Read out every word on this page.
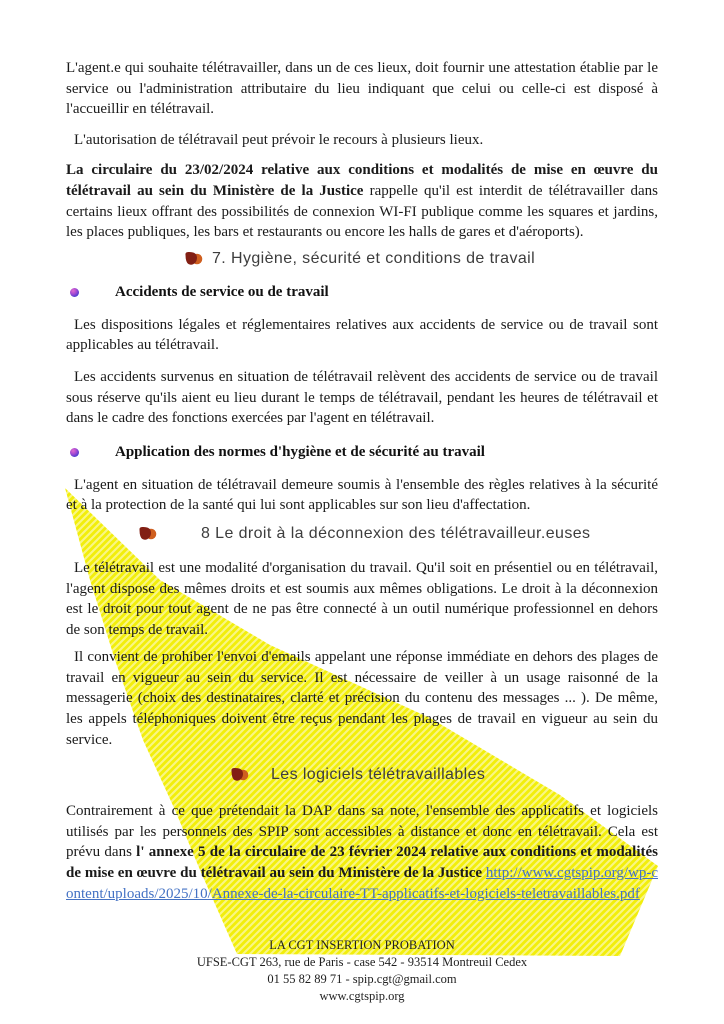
L'agent.e qui souhaite télétravailler, dans un de ces lieux, doit fournir une attestation établie par le service ou l'administration attributaire du lieu indiquant que celui ou celle-ci est disposé à l'accueillir en télétravail.

L'autorisation de télétravail peut prévoir le recours à plusieurs lieux.

La circulaire du 23/02/2024 relative aux conditions et modalités de mise en œuvre du télétravail au sein du Ministère de la Justice rappelle qu'il est interdit de télétravailler dans certains lieux offrant des possibilités de connexion WI-FI publique comme les squares et jardins, les places publiques, les bars et restaurants ou encore les halls de gares et d'aéroports).

7. Hygiène, sécurité et conditions de travail
Accidents de service ou de travail

Les dispositions légales et réglementaires relatives aux accidents de service ou de travail sont applicables au télétravail.

Les accidents survenus en situation de télétravail relèvent des accidents de service ou de travail sous réserve qu'ils aient eu lieu durant le temps de télétravail, pendant les heures de télétravail et dans le cadre des fonctions exercées par l'agent en télétravail.

Application des normes d'hygiène et de sécurité au travail

L'agent en situation de télétravail demeure soumis à l'ensemble des règles relatives à la sécurité et à la protection de la santé qui lui sont applicables sur son lieu d'affectation.

8 Le droit à la déconnexion des télétravailleur.euses

Le télétravail est une modalité d'organisation du travail. Qu'il soit en présentiel ou en télétravail, l'agent dispose des mêmes droits et est soumis aux mêmes obligations. Le droit à la déconnexion est le droit pour tout agent de ne pas être connecté à un outil numérique professionnel en dehors de son temps de travail.

Il convient de prohiber l'envoi d'emails appelant une réponse immédiate en dehors des plages de travail en vigueur au sein du service. Il est nécessaire de veiller à un usage raisonné de la messagerie (choix des destinataires, clarté et précision du contenu des messages ... ). De même, les appels téléphoniques doivent être reçus pendant les plages de travail en vigueur au sein du service.

Les logiciels télétravaillables

Contrairement à ce que prétendait la DAP dans sa note, l'ensemble des applicatifs et logiciels utilisés par les personnels des SPIP sont accessibles à distance et donc en télétravail. Cela est prévu dans l' annexe 5 de la circulaire de 23 février 2024 relative aux conditions et modalités de mise en œuvre du télétravail au sein du Ministère de la Justice http://www.cgtspip.org/wp-content/uploads/2025/10/Annexe-de-la-circulaire-TT-applicatifs-et-logiciels-teletravaillables.pdf

LA CGT INSERTION PROBATION
UFSE-CGT 263, rue de Paris - case 542 - 93514 Montreuil Cedex
01 55 82 89 71 - spip.cgt@gmail.com
www.cgtspip.org
